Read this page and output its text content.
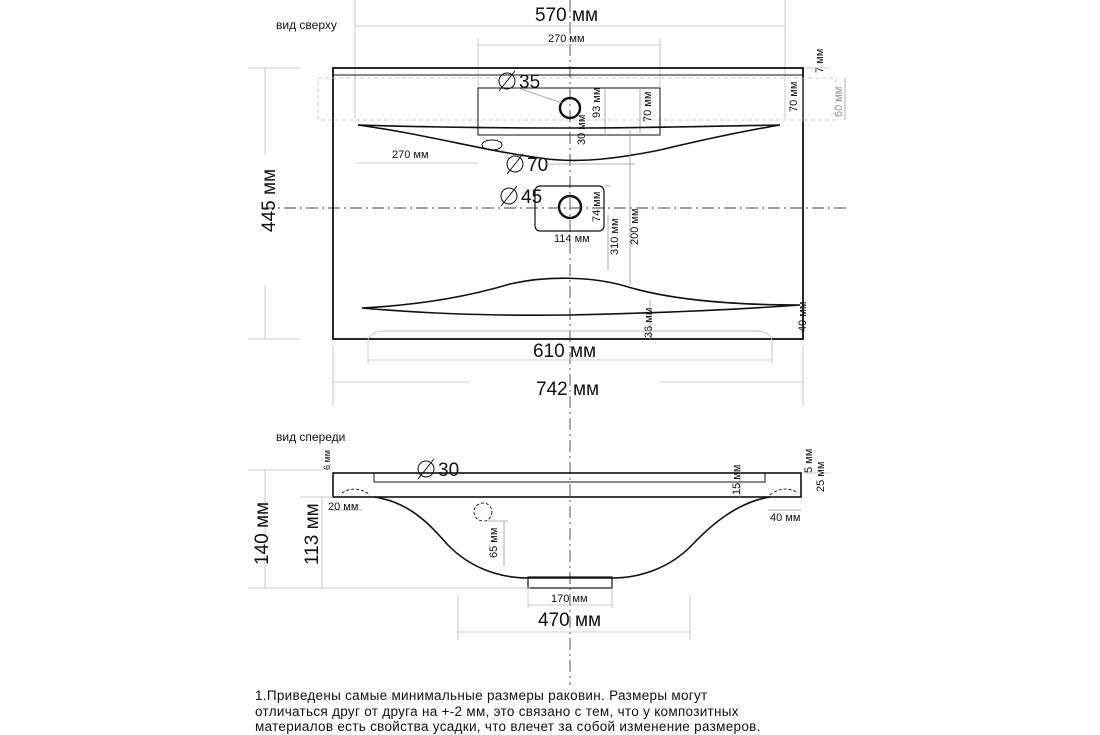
вид сверху	570 мм
270 мм
60 мм
7 мм
70 мм
35
93 мм
30 мм
70 мм
270 мм	70
45	74 мм
114 мм	200 мм
310 мм
445 мм
36 мм	40 мм
610 мм
742 мм
вид спереди
30
6 мм	5 мм
25 мм
15 мм
20 мм
40 мм
140 мм 113 мм	65 мм
170 мм
470 мм
1.Приведены самые минимальные размеры раковин. Размеры могут
отличаться друг от друга на +-2 мм, это связано с тем, что у композитных
материалов есть свойства усадки, что влечет за собой изменение размеров.
